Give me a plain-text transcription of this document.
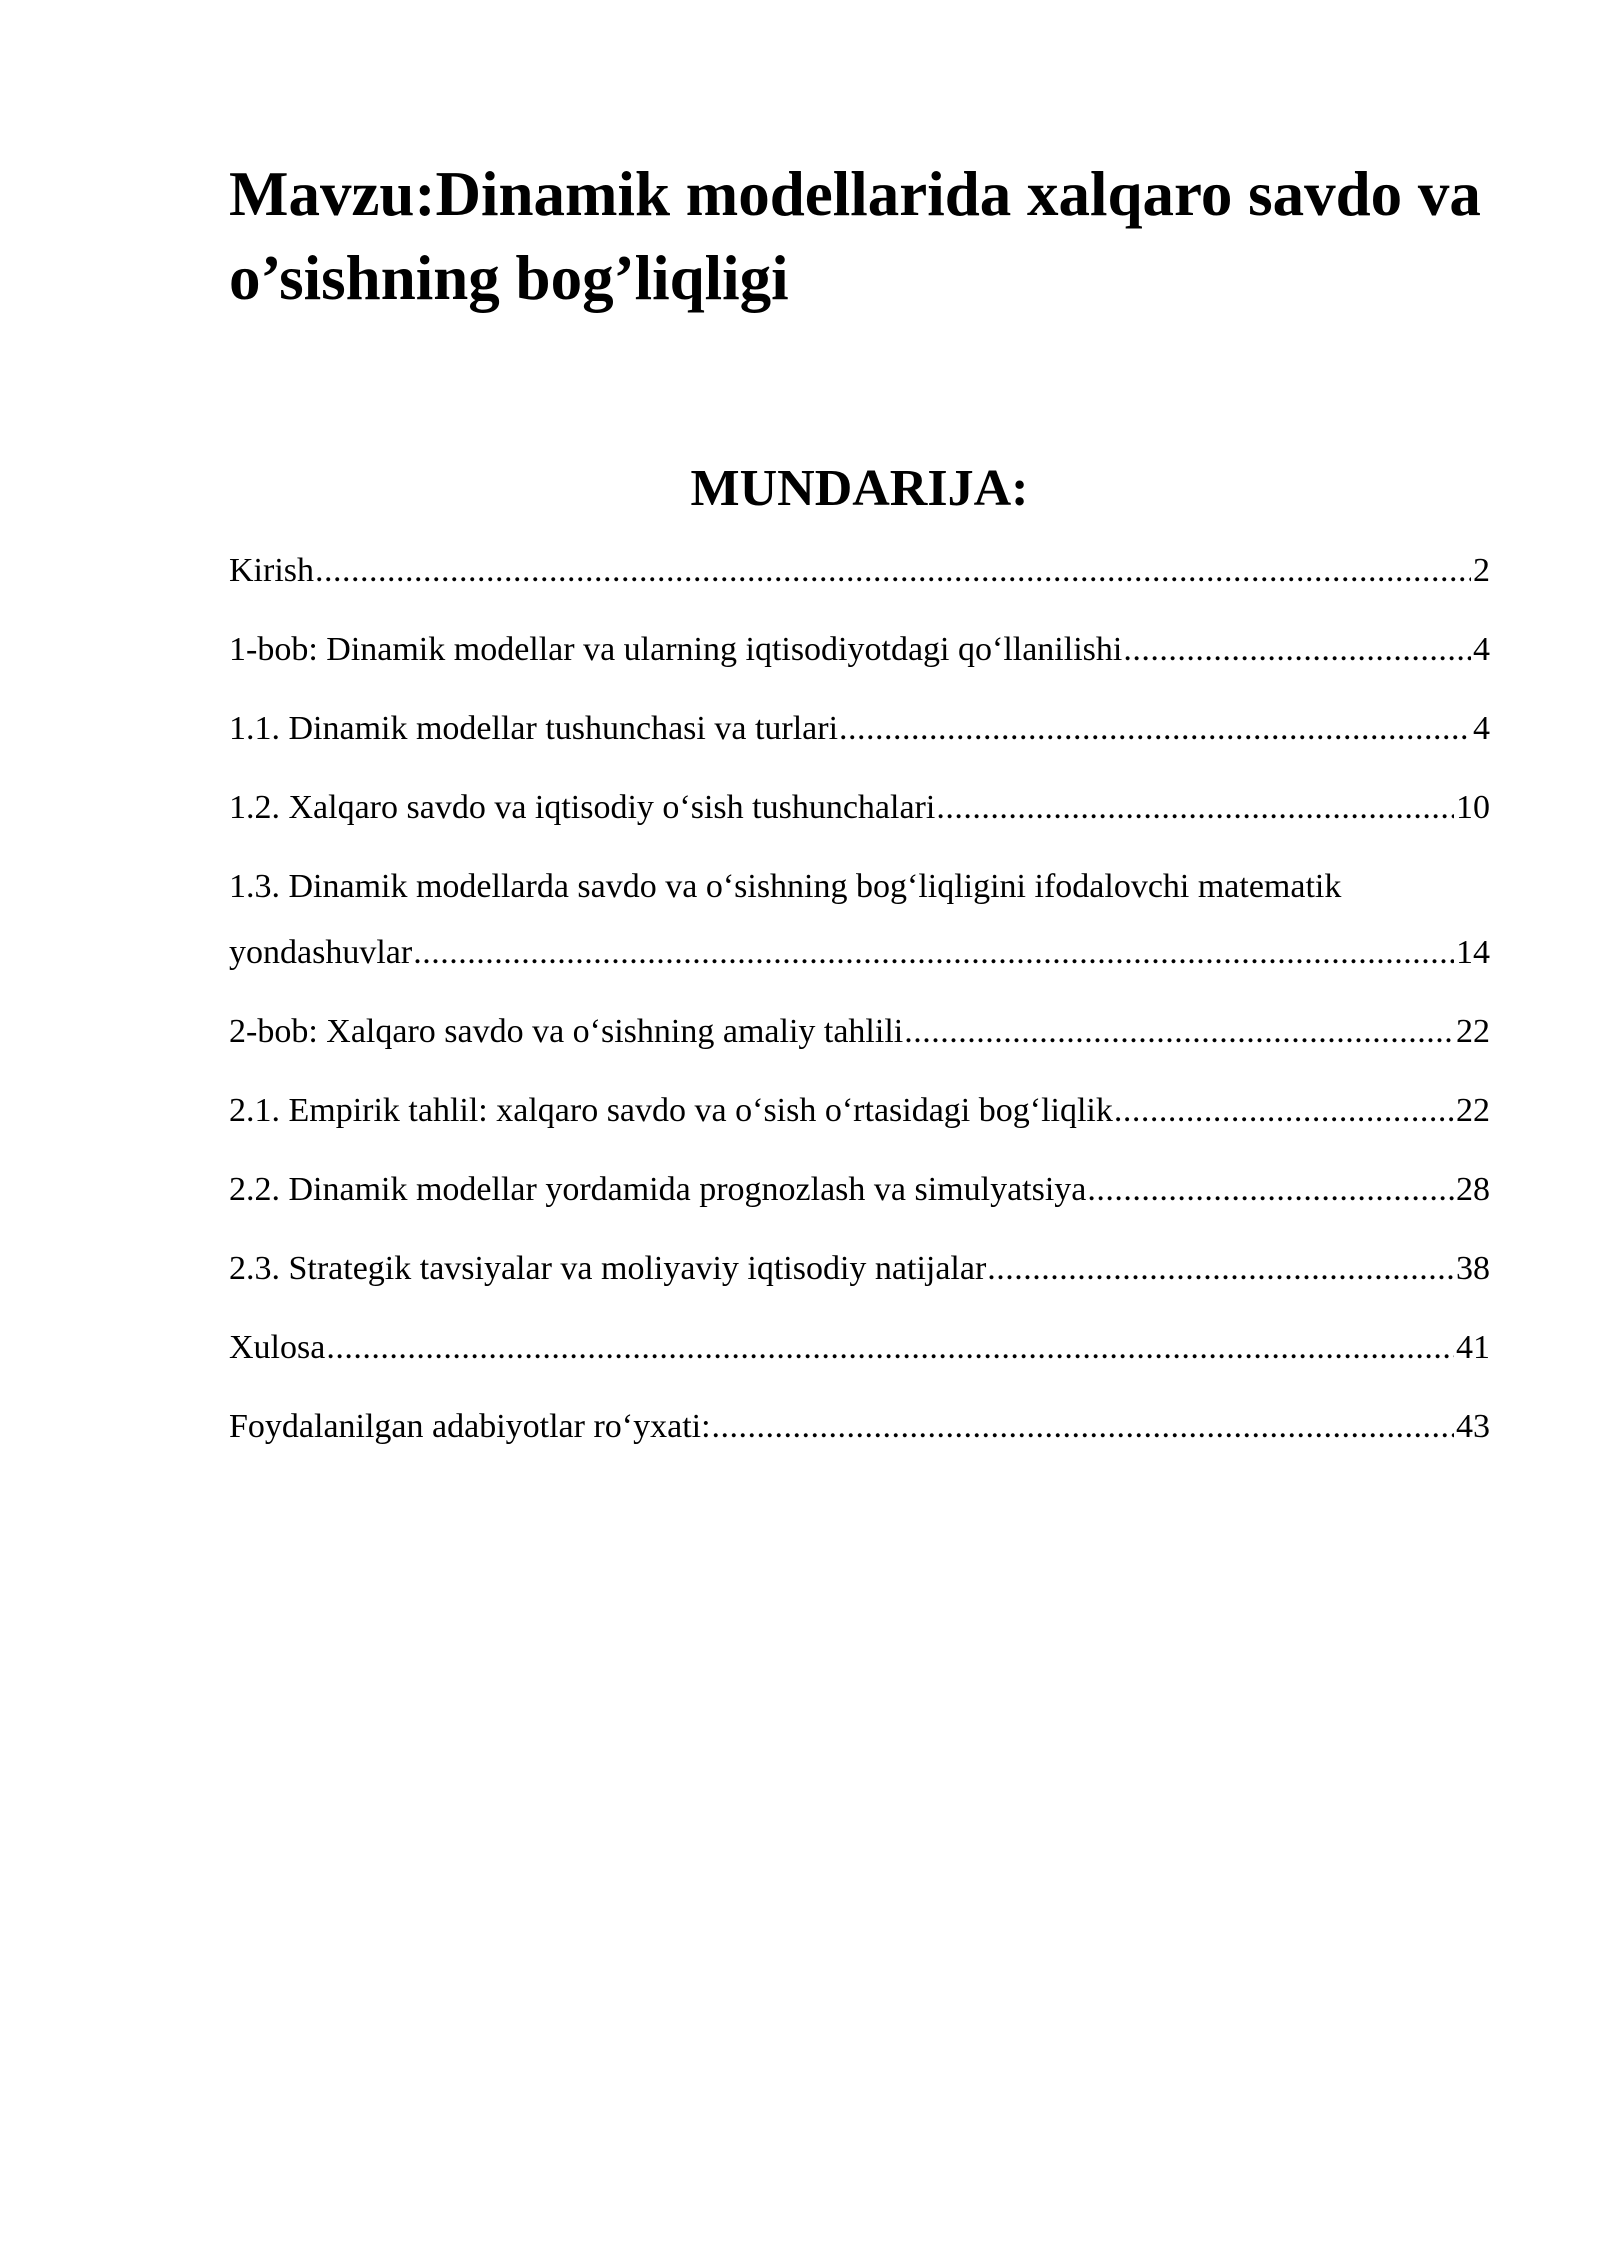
Mavzu:Dinamik modellarida xalqaro savdo va o’sishning bog’liqligi
MUNDARIJA:
Kirish .....	2
1-bob: Dinamik modellar va ularning iqtisodiyotdagi qo‘llanilishi .....	4
1.1. Dinamik modellar tushunchasi va turlari .....	4
1.2. Xalqaro savdo va iqtisodiy o‘sish tushunchalari .....	10
1.3. Dinamik modellarda savdo va o‘sishning bog‘liqligini ifodalovchi matematik
yondashuvlar .....	14
2-bob: Xalqaro savdo va o‘sishning amaliy tahlili .....	22
2.1. Empirik tahlil: xalqaro savdo va o‘sish o‘rtasidagi bog‘liqlik .....	22
2.2. Dinamik modellar yordamida prognozlash va simulyatsiya .....	28
2.3. Strategik tavsiyalar va moliyaviy iqtisodiy natijalar .....	38
Xulosa .....	41
Foydalanilgan adabiyotlar ro‘yxati: .....	43
